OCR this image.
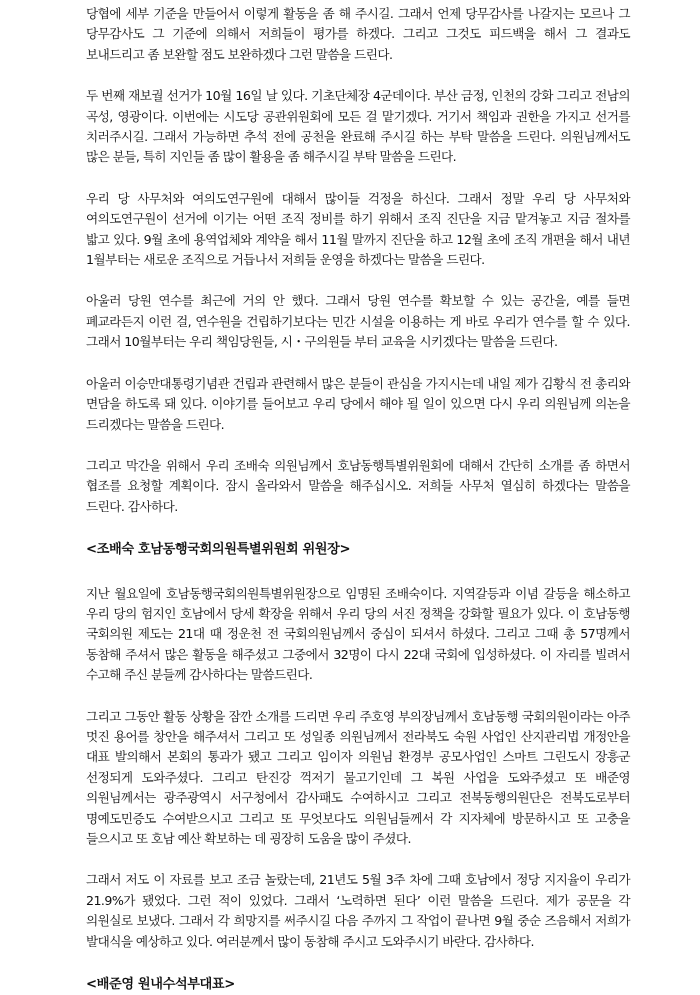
당협에 세부 기준을 만들어서 이렇게 활동을 좀 해 주시길. 그래서 언제 당무감사를 나갈지는 모르나 그 당무감사도 그 기준에 의해서 저희들이 평가를 하겠다. 그리고 그것도 피드백을 해서 그 결과도 보내드리고 좀 보완할 점도 보완하겠다 그런 말씀을 드린다.

두 번째 재보궐 선거가 10월 16일 날 있다. 기초단체장 4군데이다. 부산 금정, 인천의 강화 그리고 전남의 곡성, 영광이다. 이번에는 시도당 공관위원회에 모든 걸 맡기겠다. 거기서 책임과 권한을 가지고 선거를 치러주시길. 그래서 가능하면 추석 전에 공천을 완료해 주시길 하는 부탁 말씀을 드린다. 의원님께서도 많은 분들, 특히 지인들 좀 많이 활용을 좀 해주시길 부탁 말씀을 드린다.

우리 당 사무처와 여의도연구원에 대해서 많이들 걱정을 하신다. 그래서 정말 우리 당 사무처와 여의도연구원이 선거에 이기는 어떤 조직 정비를 하기 위해서 조직 진단을 지금 맡겨놓고 지금 절차를 밟고 있다. 9월 초에 용역업체와 계약을 해서 11월 말까지 진단을 하고 12월 초에 조직 개편을 해서 내년 1월부터는 새로운 조직으로 거듭나서 저희들 운영을 하겠다는 말씀을 드린다.

아울러 당원 연수를 최근에 거의 안 했다. 그래서 당원 연수를 확보할 수 있는 공간을, 예를 들면 폐교라든지 이런 걸, 연수원을 건립하기보다는 민간 시설을 이용하는 게 바로 우리가 연수를 할 수 있다. 그래서 10월부터는 우리 책임당원들, 시・구의원들 부터 교육을 시키겠다는 말씀을 드린다.

아울러 이승만대통령기념관 건립과 관련해서 많은 분들이 관심을 가지시는데 내일 제가 김황식 전 총리와 면담을 하도록 돼 있다. 이야기를 들어보고 우리 당에서 해야 될 일이 있으면 다시 우리 의원님께 의논을 드리겠다는 말씀을 드린다.

그리고 막간을 위해서 우리 조배숙 의원님께서 호남동행특별위원회에 대해서 간단히 소개를 좀 하면서 협조를 요청할 계획이다. 잠시 올라와서 말씀을 해주십시오. 저희들 사무처 열심히 하겠다는 말씀을 드린다. 감사하다.

<조배숙 호남동행국회의원특별위원회 위원장>

지난 월요일에 호남동행국회의원특별위원장으로 임명된 조배숙이다. 지역갈등과 이념 갈등을 해소하고 우리 당의 험지인 호남에서 당세 확장을 위해서 우리 당의 서진 정책을 강화할 필요가 있다. 이 호남동행 국회의원 제도는 21대 때 정운천 전 국회의원님께서 중심이 되셔서 하셨다. 그리고 그때 총 57명께서 동참해 주셔서 많은 활동을 해주셨고 그중에서 32명이 다시 22대 국회에 입성하셨다. 이 자리를 빌려서 수고해 주신 분들께 감사하다는 말씀드린다.

그리고 그동안 활동 상황을 잠깐 소개를 드리면 우리 주호영 부의장님께서 호남동행 국회의원이라는 아주 멋진 용어를 창안을 해주셔서 그리고 또 성일종 의원님께서 전라북도 숙원 사업인 산지관리법 개정안을 대표 발의해서 본회의 통과가 됐고 그리고 임이자 의원님 환경부 공모사업인 스마트 그린도시 장흥군 선정되게 도와주셨다. 그리고 탄진강 꺽저기 물고기인데 그 복원 사업을 도와주셨고 또 배준영 의원님께서는 광주광역시 서구청에서 감사패도 수여하시고 그리고 전북동행의원단은 전북도로부터 명예도민증도 수여받으시고 그리고 또 무엇보다도 의원님들께서 각 지자체에 방문하시고 또 고충을 들으시고 또 호남 예산 확보하는 데 굉장히 도움을 많이 주셨다.

그래서 저도 이 자료를 보고 조금 놀랐는데, 21년도 5월 3주 차에 그때 호남에서 정당 지지율이 우리가 21.9%가 됐었다. 그런 적이 있었다. 그래서 ‘노력하면 된다’ 이런 말씀을 드린다. 제가 공문을 각 의원실로 보냈다. 그래서 각 희망지를 써주시길 다음 주까지 그 작업이 끝나면 9월 중순 즈음해서 저희가 발대식을 예상하고 있다. 여러분께서 많이 동참해 주시고 도와주시기 바란다. 감사하다.

<배준영 원내수석부대표>
